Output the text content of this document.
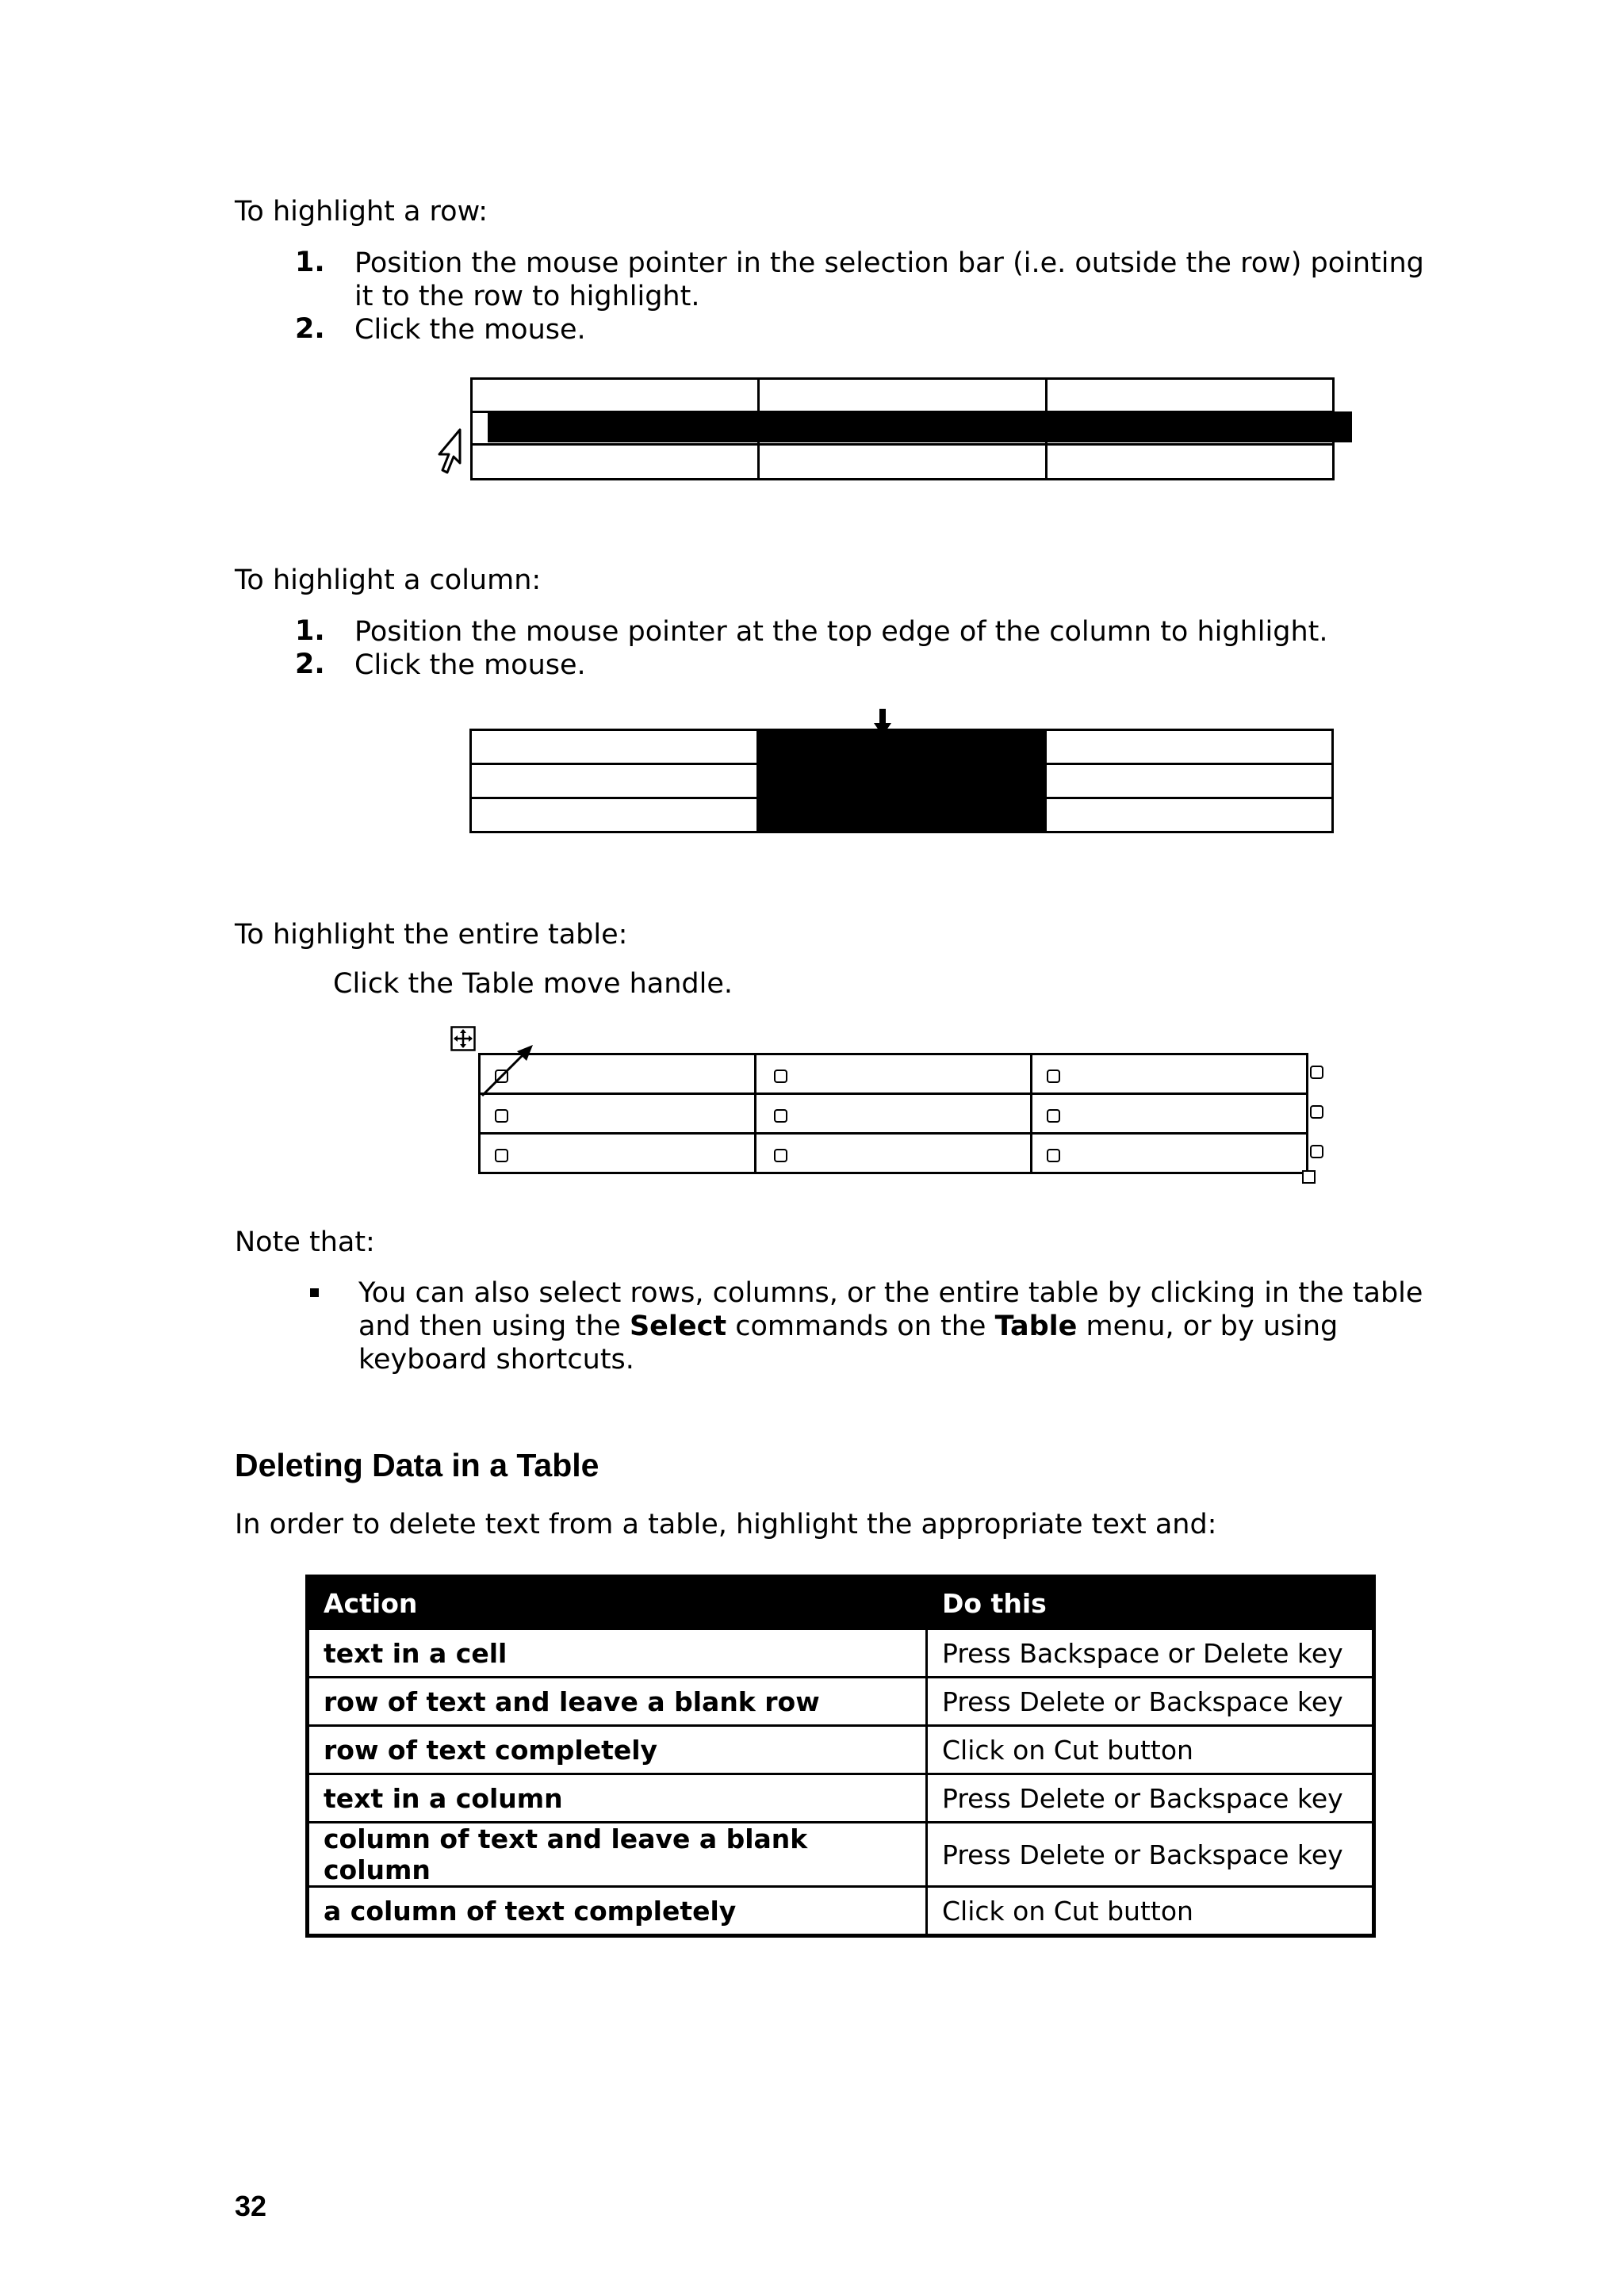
To highlight a row:
1. Position the mouse pointer in the selection bar (i.e. outside the row) pointing
it to the row to highlight.
2. Click the mouse.

To highlight a column:
1. Position the mouse pointer at the top edge of the column to highlight.
2. Click the mouse.

To highlight the entire table:
Click the Table move handle.

Note that:
You can also select rows, columns, or the entire table by clicking in the table
and then using the Select commands on the Table menu, or by using
keyboard shortcuts.
Deleting Data in a Table
In order to delete text from a table, highlight the appropriate text and:
Action	Do this
text in a cell	Press Backspace or Delete key
row of text and leave a blank row	Press Delete or Backspace key
row of text completely	Click on Cut button
text in a column	Press Delete or Backspace key
column of text and leave a blank column	Press Delete or Backspace key
a column of text completely	Click on Cut button
32
